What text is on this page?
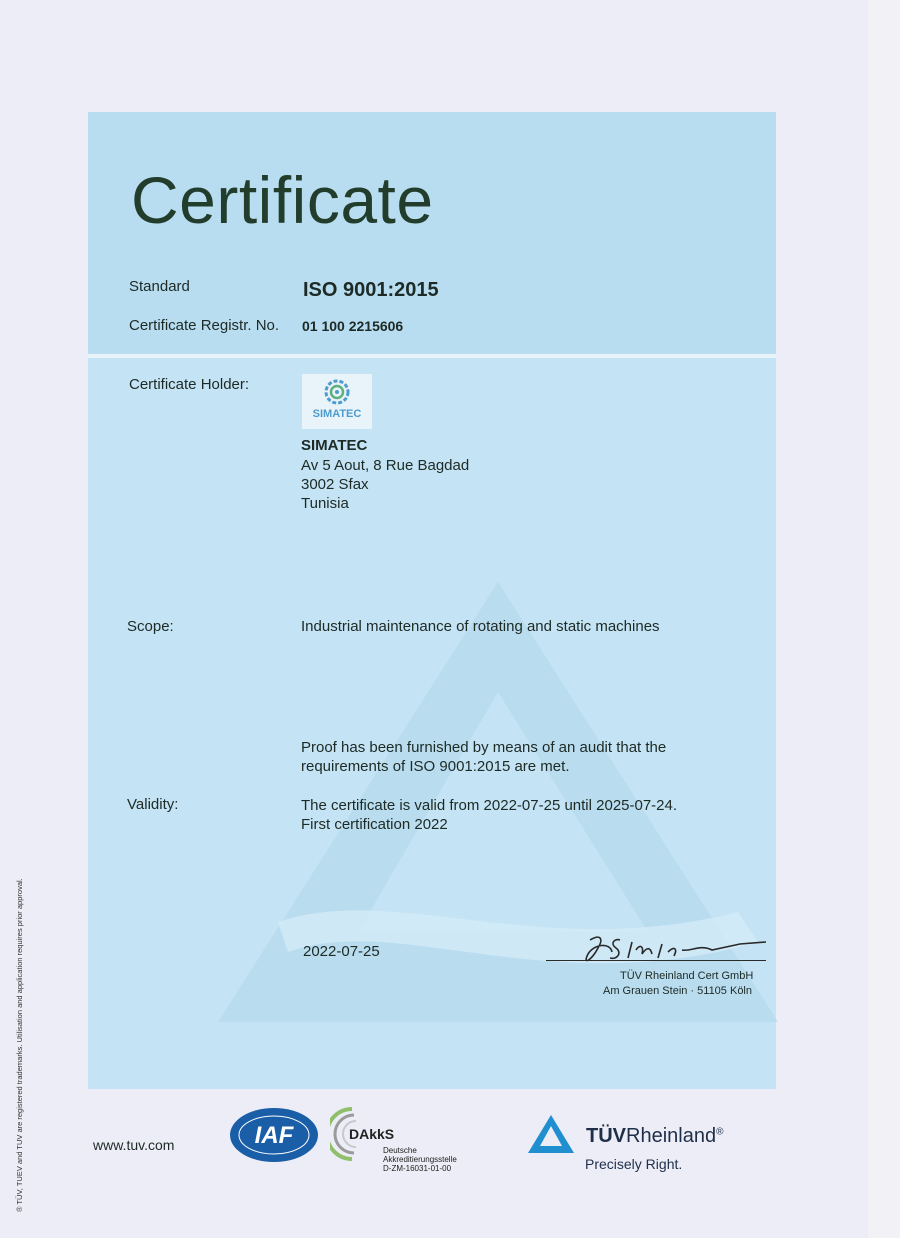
Certificate
Standard	ISO 9001:2015
Certificate Registr. No. 01 100 2215606
Certificate Holder:
SIMATEC
SIMATEC
Av 5 Aout, 8 Rue Bagdad
3002 Sfax
Tunisia
Scope:	Industrial maintenance of rotating and static machines
Proof has been furnished by means of an audit that the
requirements of ISO 9001:2015 are met.
Validity:	The certificate is valid from 2022-07-25 until 2025-07-24.
First certification 2022
2022-07-25
TÜV Rheinland Cert GmbH
Am Grauen Stein · 51105 Köln
® TÜV, TUEV and TUV are registered trademarks. Utilisation and application requires prior approval.	www.tuv.com	IAF	DAkkS
Deutsche
Akkreditierungsstelle
D-ZM-16031-01-00
TÜVRheinland®
Precisely Right.
